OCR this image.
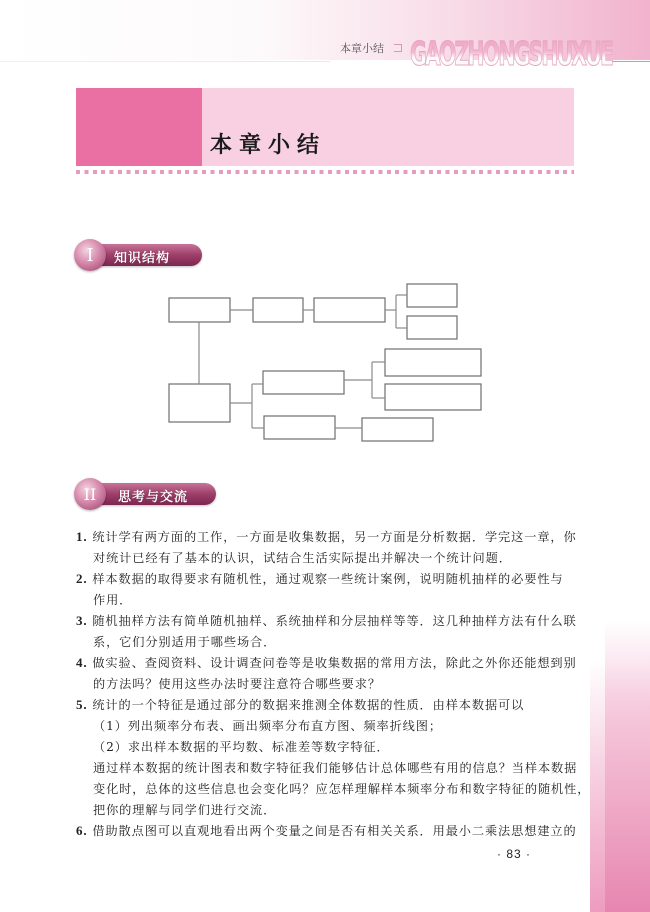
本章小结 GAOZHONGSHUXUE
本章小结
I 知识结构
II 思考与交流
1. 统计学有两方面的工作，一方面是收集数据，另一方面是分析数据．学完这一章，你
对统计已经有了基本的认识，试结合生活实际提出并解决一个统计问题．
2. 样本数据的取得要求有随机性，通过观察一些统计案例，说明随机抽样的必要性与
作用．
3. 随机抽样方法有简单随机抽样、系统抽样和分层抽样等等．这几种抽样方法有什么联
系，它们分别适用于哪些场合．
4. 做实验、查阅资料、设计调查问卷等是收集数据的常用方法，除此之外你还能想到别
的方法吗？使用这些办法时要注意符合哪些要求？
5. 统计的一个特征是通过部分的数据来推测全体数据的性质．由样本数据可以
（1）列出频率分布表、画出频率分布直方图、频率折线图；
（2）求出样本数据的平均数、标准差等数字特征．
通过样本数据的统计图表和数字特征我们能够估计总体哪些有用的信息？当样本数据
变化时，总体的这些信息也会变化吗？应怎样理解样本频率分布和数字特征的随机性，
把你的理解与同学们进行交流．
6. 借助散点图可以直观地看出两个变量之间是否有相关关系．用最小二乘法思想建立的
· 83 ·
